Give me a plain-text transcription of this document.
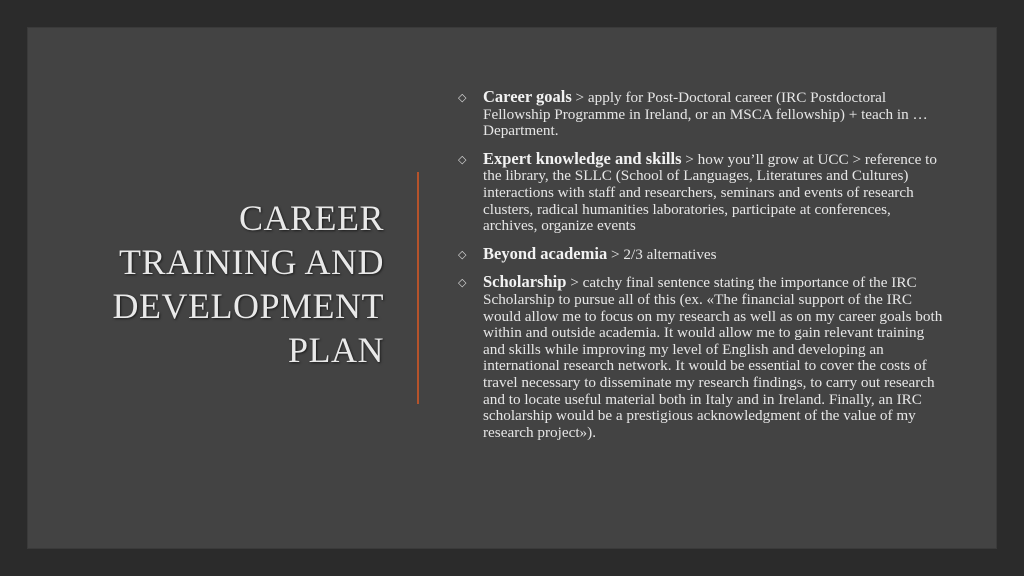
CAREER
TRAINING AND
DEVELOPMENT
PLAN
◇ Career goals > apply for Post-Doctoral career (IRC Postdoctoral Fellowship Programme in Ireland, or an MSCA fellowship) + teach in … Department.
◇ Expert knowledge and skills > how you’ll grow at UCC > reference to the library, the SLLC (School of Languages, Literatures and Cultures) interactions with staff and researchers, seminars and events of research clusters, radical humanities laboratories, participate at conferences, archives, organize events
◇ Beyond academia > 2/3 alternatives
◇ Scholarship > catchy final sentence stating the importance of the IRC Scholarship to pursue all of this (ex. «The financial support of the IRC would allow me to focus on my research as well as on my career goals both within and outside academia. It would allow me to gain relevant training and skills while improving my level of English and developing an international research network. It would be essential to cover the costs of travel necessary to disseminate my research findings, to carry out research and to locate useful material both in Italy and in Ireland. Finally, an IRC scholarship would be a prestigious acknowledgment of the value of my research project»).
